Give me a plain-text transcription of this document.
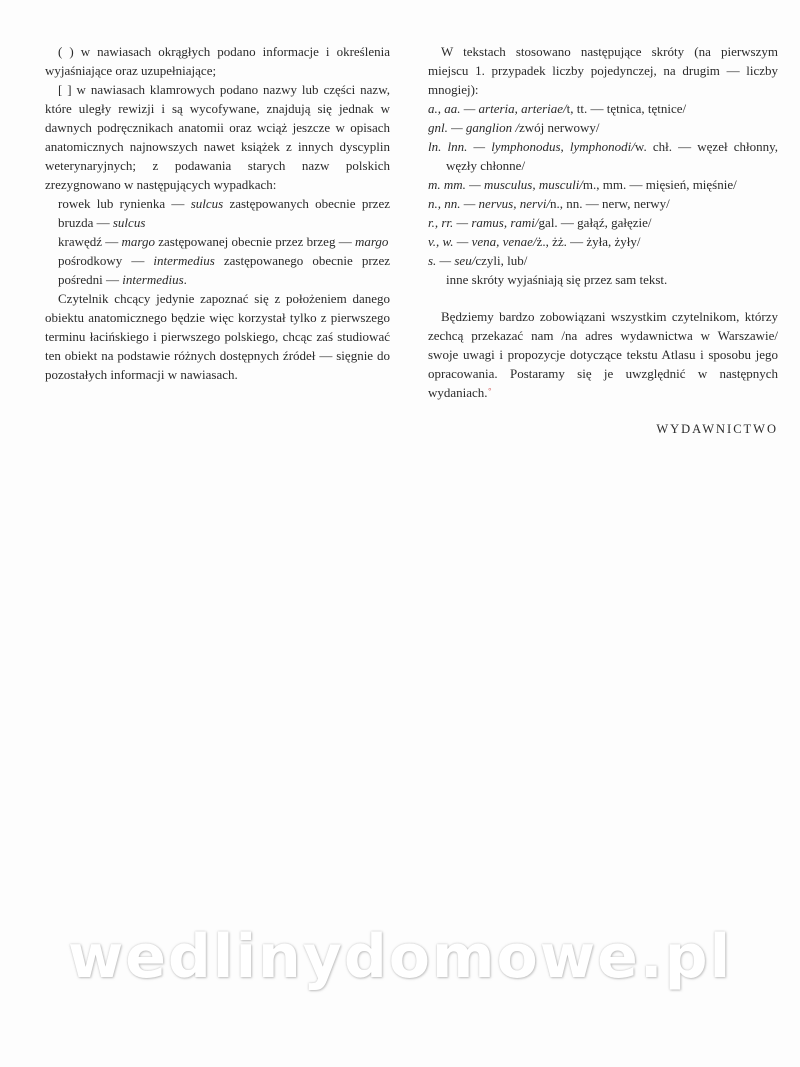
( ) w nawiasach okrągłych podano informacje i określenia wyjaśniające oraz uzupełniające;

[ ] w nawiasach klamrowych podano nazwy lub części nazw, które uległy rewizji i są wycofywane, znajdują się jednak w dawnych podręcznikach anatomii oraz wciąż jeszcze w opisach anatomicznych najnowszych nawet książek z innych dyscyplin weterynaryjnych; z podawania starych nazw polskich zrezygnowano w następujących wypadkach:

rowek lub rynienka — sulcus zastępowanych obecnie przez bruzda — sulcus

krawędź — margo zastępowanej obecnie przez brzeg — margo

pośrodkowy — intermedius zastępowanego obecnie przez pośredni — intermedius.

Czytelnik chcący jedynie zapoznać się z położeniem danego obiektu anatomicznego będzie więc korzystał tylko z pierwszego terminu łacińskiego i pierwszego polskiego, chcąc zaś studiować ten obiekt na podstawie różnych dostępnych źródeł — sięgnie do pozostałych informacji w nawiasach.

W tekstach stosowano następujące skróty (na pierwszym miejscu 1. przypadek liczby pojedynczej, na drugim — liczby mnogiej):

a., aa. — arteria, arteriae/t, tt. — tętnica, tętnice/

gnl. — ganglion /zwój nerwowy/

ln. lnn. — lymphonodus, lymphonodi/w. chł. — węzeł chłonny, węzły chłonne/

m. mm. — musculus, musculi/m., mm. — mięsień, mięśnie/

n., nn. — nervus, nervi/n., nn. — nerw, nerwy/

r., rr. — ramus, rami/gal. — gałąź, gałęzie/

v., w. — vena, venae/ż., żż. — żyła, żyły/

s. — seu/czyli, lub/

inne skróty wyjaśniają się przez sam tekst.

Będziemy bardzo zobowiązani wszystkim czytelnikom, którzy zechcą przekazać nam /na adres wydawnictwa w Warszawie/ swoje uwagi i propozycje dotyczące tekstu Atlasu i sposobu jego opracowania. Postaramy się je uwzględnić w następnych wydaniach.˚

WYDAWNICTWO

wedlinydomowe.pl
